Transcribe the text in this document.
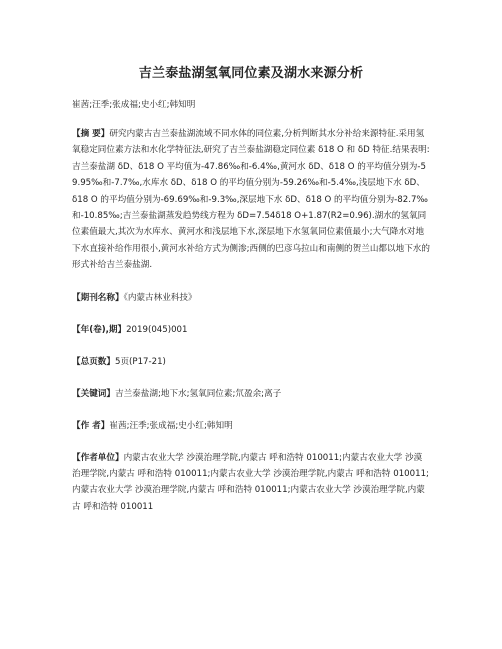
吉兰泰盐湖氢氧同位素及湖水来源分析

崔茜;汪季;张成福;史小红;韩知明

【摘 要】研究内蒙古吉兰泰盐湖流域不同水体的同位素,分析判断其水分补给来源特征.采用氢氧稳定同位素方法和水化学特征法,研究了吉兰泰盐湖稳定同位素 δ18 O 和 δD 特征.结果表明:吉兰泰盐湖 δD、δ18 O 平均值为-47.86‰和-6.4‰,黄河水 δD、δ18 O 的平均值分别为-59.95‰和-7.7‰,水库水 δD、δ18 O 的平均值分别为-59.26‰和-5.4‰,浅层地下水 δD、δ18 O 的平均值分别为-69.69‰和-9.3‰,深层地下水 δD、δ18 O 的平均值分别为-82.7‰和-10.85‰;吉兰泰盐湖蒸发趋势线方程为 δD=7.54δ18 O+1.87(R2=0.96).湖水的氢氧同位素值最大,其次为水库水、黄河水和浅层地下水,深层地下水氢氧同位素值最小;大气降水对地下水直接补给作用很小,黄河水补给方式为侧渗;西侧的巴彦乌拉山和南侧的贺兰山都以地下水的形式补给吉兰泰盐湖.

【期刊名称】《内蒙古林业科技》

【年(卷),期】2019(045)001

【总页数】5页(P17-21)

【关键词】吉兰泰盐湖;地下水;氢氧同位素;氘盈余;离子

【作 者】崔茜;汪季;张成福;史小红;韩知明

【作者单位】内蒙古农业大学 沙漠治理学院,内蒙古 呼和浩特 010011;内蒙古农业大学 沙漠治理学院,内蒙古 呼和浩特 010011;内蒙古农业大学 沙漠治理学院,内蒙古 呼和浩特 010011;内蒙古农业大学 沙漠治理学院,内蒙古 呼和浩特 010011;内蒙古农业大学 沙漠治理学院,内蒙古 呼和浩特 010011
